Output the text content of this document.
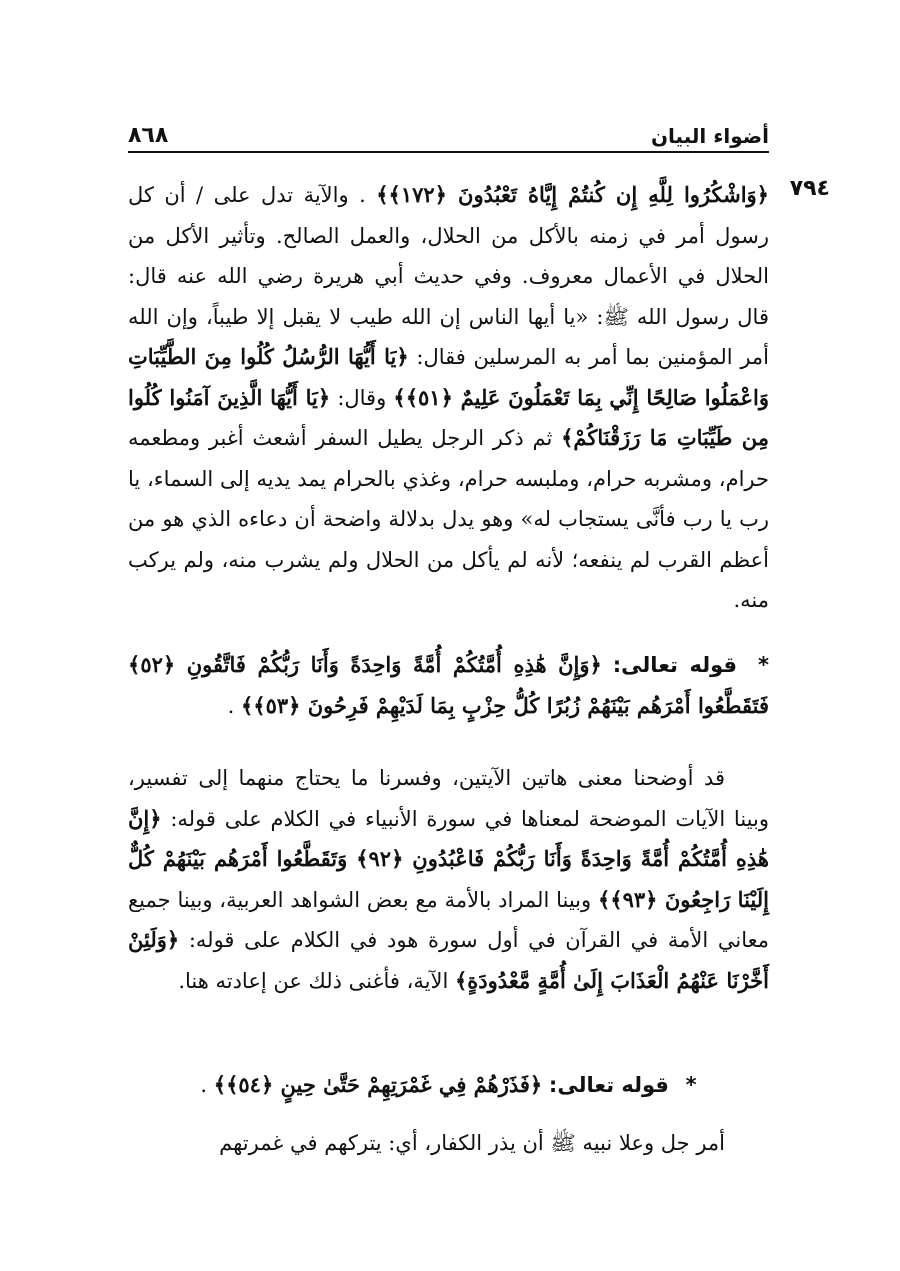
أضواء البيان
٨٦٨
٧٩٤
﴿وَاشْكُرُوا لِلَّهِ إِن كُنتُمْ إِيَّاهُ تَعْبُدُونَ ﴿١٧٢﴾﴾ . والآية تدل على / أن كل رسول أمر في زمنه بالأكل من الحلال، والعمل الصالح. وتأثير الأكل من الحلال في الأعمال معروف. وفي حديث أبي هريرة رضي الله عنه قال: قال رسول الله ﷺ: «يا أيها الناس إن الله طيب لا يقبل إلا طيباً، وإن الله أمر المؤمنين بما أمر به المرسلين فقال: ﴿يَا أَيُّهَا الرُّسُلُ كُلُوا مِنَ الطَّيِّبَاتِ وَاعْمَلُوا صَالِحًا إِنِّي بِمَا تَعْمَلُونَ عَلِيمٌ ﴿٥١﴾﴾ وقال: ﴿يَا أَيُّهَا الَّذِينَ آمَنُوا كُلُوا مِن طَيِّبَاتِ مَا رَزَقْنَاكُمْ﴾ ثم ذكر الرجل يطيل السفر أشعث أغبر ومطعمه حرام، ومشربه حرام، وملبسه حرام، وغذي بالحرام يمد يديه إلى السماء، يا رب يا رب فأنَّى يستجاب له» وهو يدل بدلالة واضحة أن دعاءه الذي هو من أعظم القرب لم ينفعه؛ لأنه لم يأكل من الحلال ولم يشرب منه، ولم يركب منه.
* قوله تعالى: ﴿وَإِنَّ هَٰذِهِ أُمَّتُكُمْ أُمَّةً وَاحِدَةً وَأَنَا رَبُّكُمْ فَاتَّقُونِ ﴿٥٢﴾ فَتَقَطَّعُوا أَمْرَهُم بَيْنَهُمْ زُبُرًا كُلُّ حِزْبٍ بِمَا لَدَيْهِمْ فَرِحُونَ ﴿٥٣﴾﴾ .
قد أوضحنا معنى هاتين الآيتين، وفسرنا ما يحتاج منهما إلى تفسير، وبينا الآيات الموضحة لمعناها في سورة الأنبياء في الكلام على قوله: ﴿إِنَّ هَٰذِهِ أُمَّتُكُمْ أُمَّةً وَاحِدَةً وَأَنَا رَبُّكُمْ فَاعْبُدُونِ ﴿٩٢﴾ وَتَقَطَّعُوا أَمْرَهُم بَيْنَهُمْ كُلٌّ إِلَيْنَا رَاجِعُونَ ﴿٩٣﴾﴾ وبينا المراد بالأمة مع بعض الشواهد العربية، وبينا جميع معاني الأمة في القرآن في أول سورة هود في الكلام على قوله: ﴿وَلَئِنْ أَخَّرْنَا عَنْهُمُ الْعَذَابَ إِلَىٰ أُمَّةٍ مَّعْدُودَةٍ﴾ الآية، فأغنى ذلك عن إعادته هنا.
* قوله تعالى: ﴿فَذَرْهُمْ فِي غَمْرَتِهِمْ حَتَّىٰ حِينٍ ﴿٥٤﴾﴾ .
أمر جل وعلا نبيه ﷺ أن يذر الكفار، أي: يتركهم في غمرتهم
